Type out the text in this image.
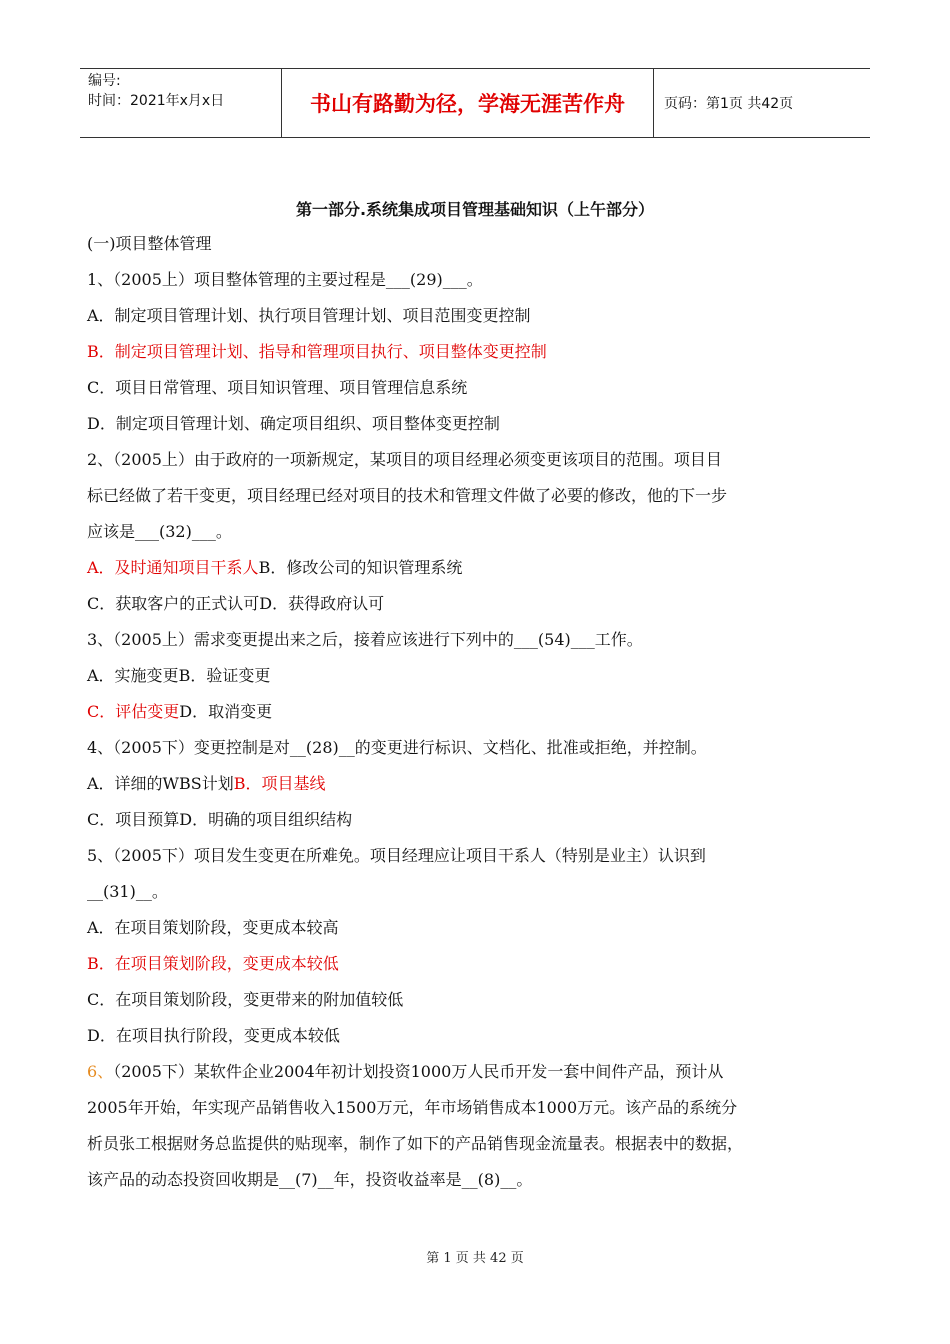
编号:
时间：2021年x月x日	书山有路勤为径，学海无涯苦作舟	页码：第1页 共42页
第一部分.系统集成项目管理基础知识（上午部分）
(一)项目整体管理
1、（2005上）项目整体管理的主要过程是___(29)___。
A．制定项目管理计划、执行项目管理计划、项目范围变更控制
B．制定项目管理计划、指导和管理项目执行、项目整体变更控制
C．项目日常管理、项目知识管理、项目管理信息系统
D．制定项目管理计划、确定项目组织、项目整体变更控制
2、（2005上）由于政府的一项新规定，某项目的项目经理必须变更该项目的范围。项目目
标已经做了若干变更，项目经理已经对项目的技术和管理文件做了必要的修改，他的下一步
应该是___(32)___。
A．及时通知项目干系人B．修改公司的知识管理系统
C．获取客户的正式认可D．获得政府认可
3、（2005上）需求变更提出来之后，接着应该进行下列中的___(54)___工作。
A．实施变更B．验证变更
C．评估变更D．取消变更
4、（2005下）变更控制是对__(28)__的变更进行标识、文档化、批准或拒绝，并控制。
A．详细的WBS计划B．项目基线
C．项目预算D．明确的项目组织结构
5、（2005下）项目发生变更在所难免。项目经理应让项目干系人（特别是业主）认识到
__(31)__。
A．在项目策划阶段，变更成本较高
B．在项目策划阶段，变更成本较低
C．在项目策划阶段，变更带来的附加值较低
D．在项目执行阶段，变更成本较低
6、（2005下）某软件企业2004年初计划投资1000万人民币开发一套中间件产品，预计从
2005年开始，年实现产品销售收入1500万元，年市场销售成本1000万元。该产品的系统分
析员张工根据财务总监提供的贴现率，制作了如下的产品销售现金流量表。根据表中的数据，
该产品的动态投资回收期是__(7)__年，投资收益率是__(8)__。
第 1 页 共 42 页
